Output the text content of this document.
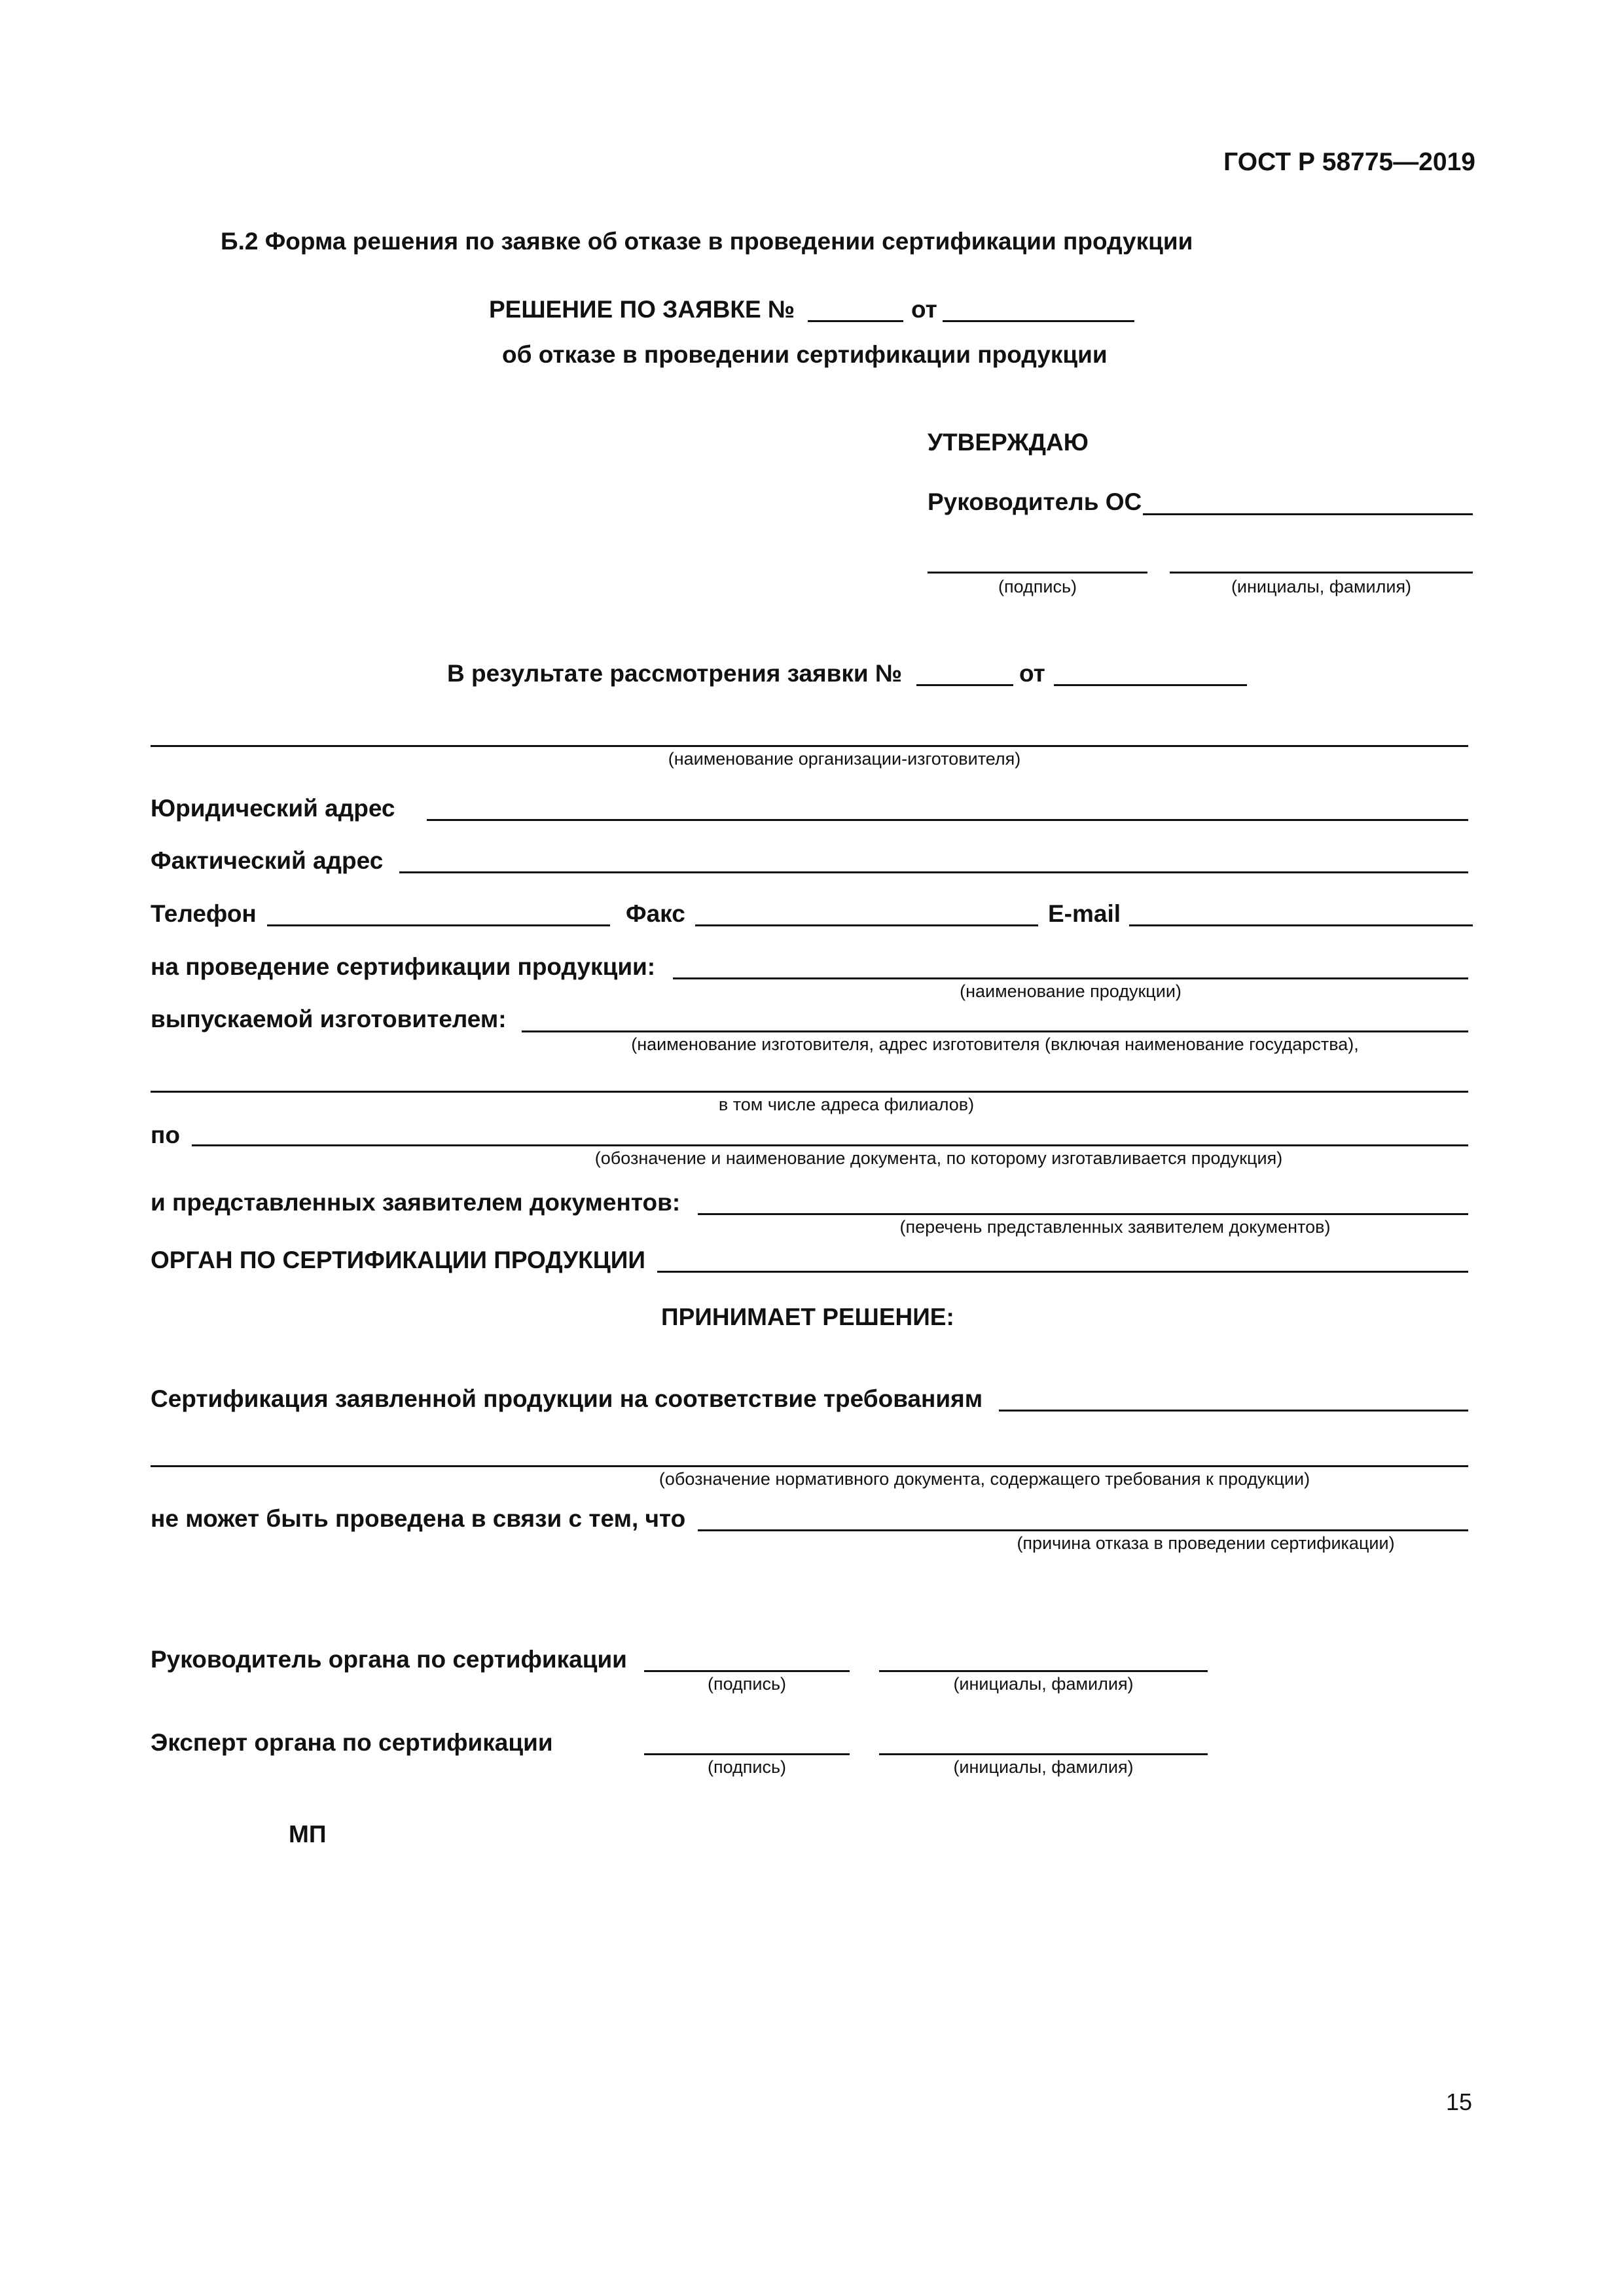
ГОСТ Р 58775—2019
Б.2 Форма решения по заявке об отказе в проведении сертификации продукции
РЕШЕНИЕ ПО ЗАЯВКЕ №	от
об отказе в проведении сертификации продукции
УТВЕРЖДАЮ
Руководитель ОС
(подпись)	(инициалы, фамилия)
В результате рассмотрения заявки №	от
(наименование организации-изготовителя)
Юридический адрес
Фактический адрес
Телефон	Факс	E-mail
на проведение сертификации продукции:
(наименование продукции)
выпускаемой изготовителем:
(наименование изготовителя, адрес изготовителя (включая наименование государства),
в том числе адреса филиалов)
по
(обозначение и наименование документа, по которому изготавливается продукция)
и представленных заявителем документов:
(перечень представленных заявителем документов)
ОРГАН ПО СЕРТИФИКАЦИИ ПРОДУКЦИИ
ПРИНИМАЕТ РЕШЕНИЕ:
Сертификация заявленной продукции на соответствие требованиям
(обозначение нормативного документа, содержащего требования к продукции)
не может быть проведена в связи с тем, что
(причина отказа в проведении сертификации)
Руководитель органа по сертификации
(подпись)	(инициалы, фамилия)
Эксперт органа по сертификации
(подпись)	(инициалы, фамилия)
МП
15
